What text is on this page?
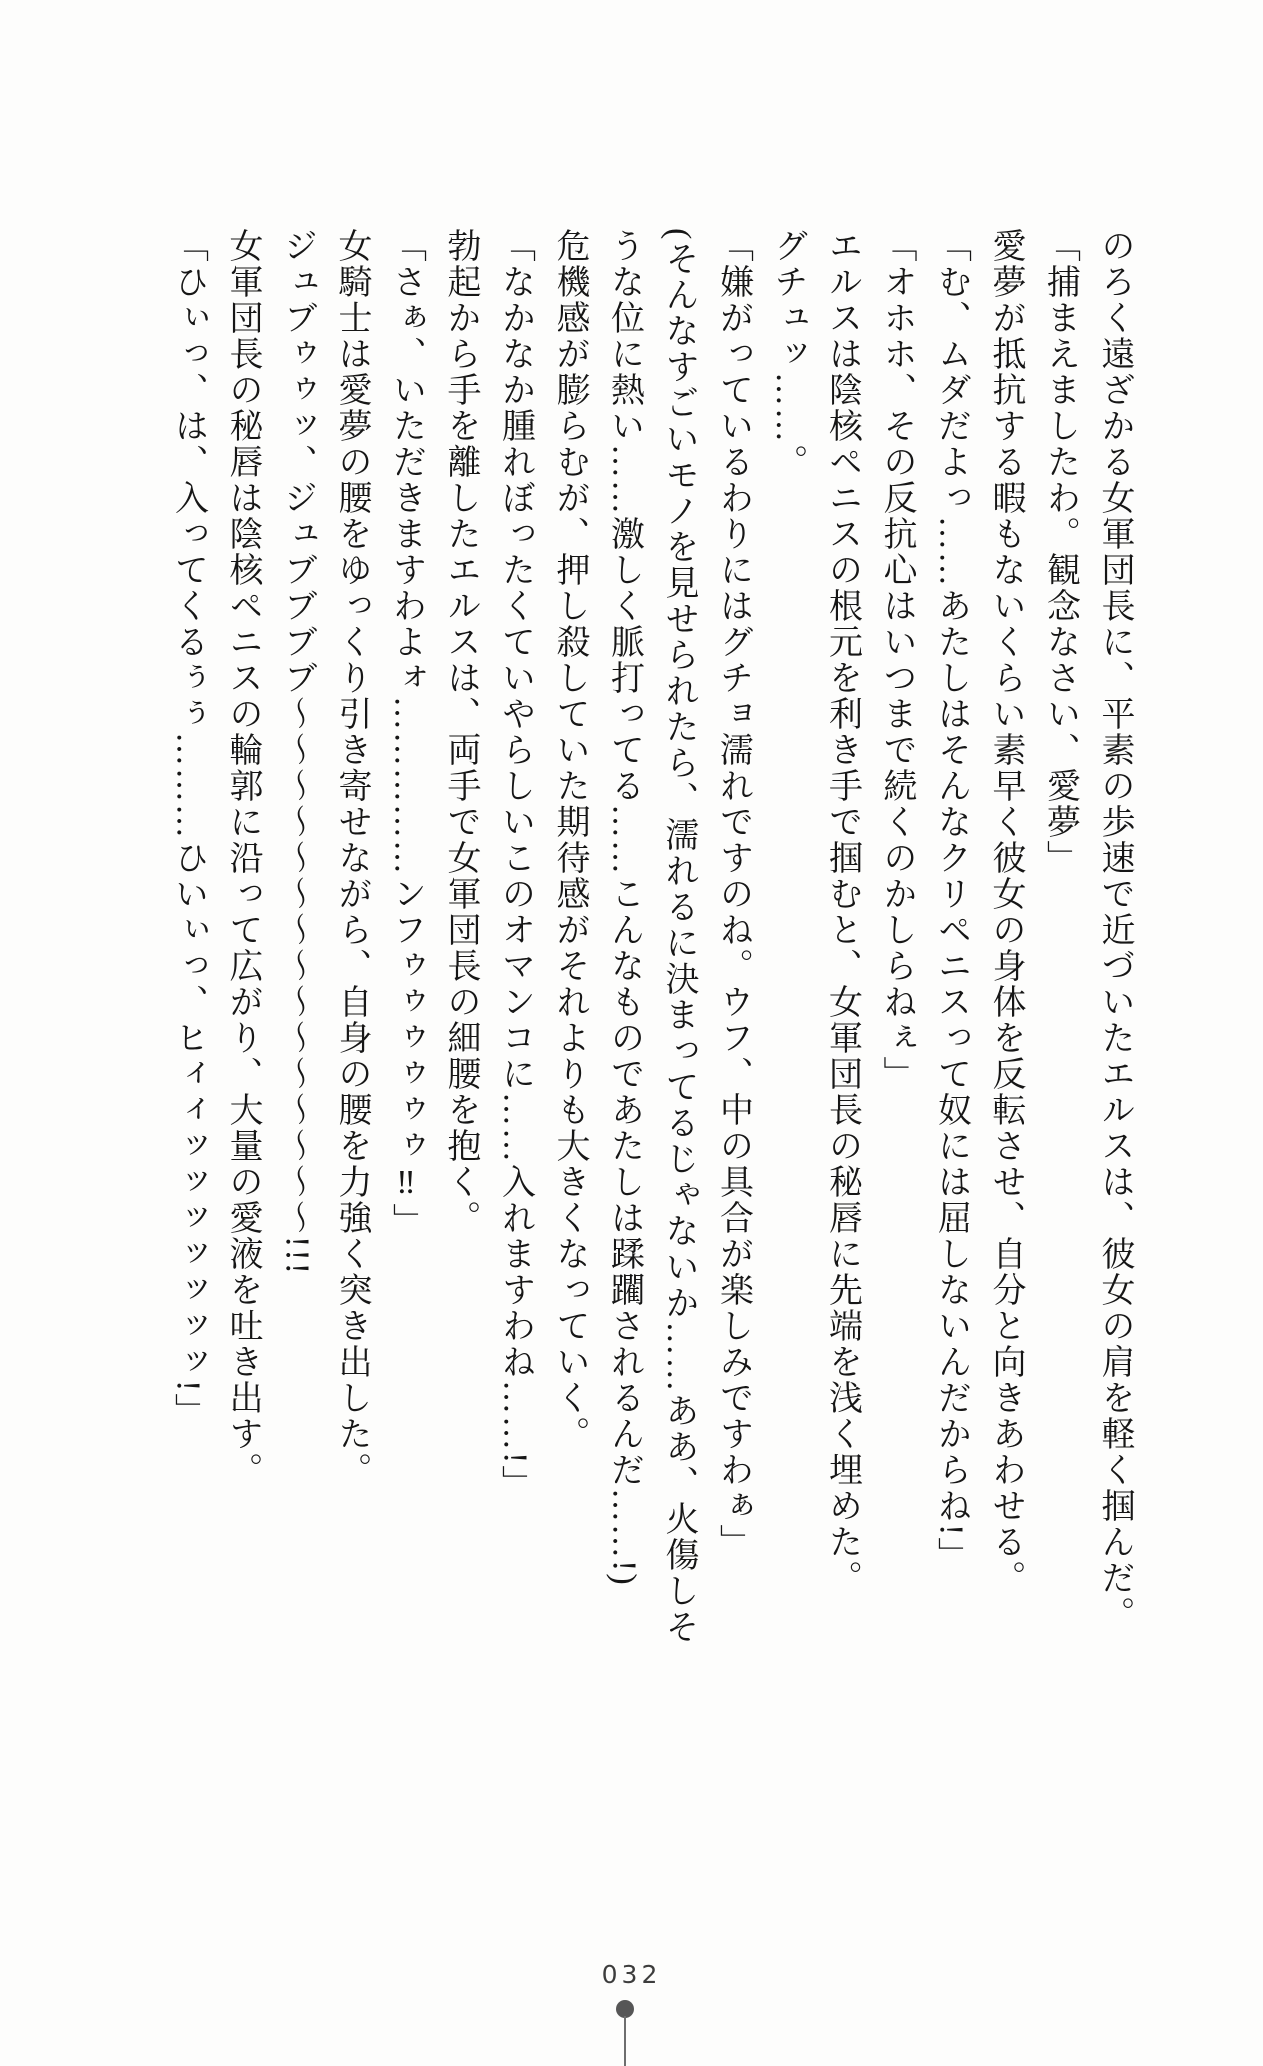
のろく遠ざかる女軍団長に、平素の歩速で近づいたエルスは、彼女の肩を軽く掴んだ。

「捕まえましたわ。観念なさい、愛夢」

愛夢が抵抗する暇もないくらい素早く彼女の身体を反転させ、自分と向きあわせる。

「む、ムダだよっ……あたしはそんなクリペニスって奴には屈しないんだからね!」

「オホホ、その反抗心はいつまで続くのかしらねぇ」

エルスは陰核ペニスの根元を利き手で掴むと、女軍団長の秘唇に先端を浅く埋めた。

グチュッ……。

「嫌がっているわりにはグチョ濡れですのね。ウフ、中の具合が楽しみですわぁ」

(そんなすごいモノを見せられたら、濡れるに決まってるじゃないか……ああ、火傷しそ

うな位に熱い……激しく脈打ってる……こんなものであたしは蹂躙されるんだ……!)

危機感が膨らむが、押し殺していた期待感がそれよりも大きくなっていく。

「なかなか腫れぼったくていやらしいこのオマンコに……入れますわね……!」

勃起から手を離したエルスは、両手で女軍団長の細腰を抱く。

「さぁ、いただきますわよォ……………ンフゥゥゥゥゥゥ‼」

女騎士は愛夢の腰をゆっくり引き寄せながら、自身の腰を力強く突き出した。

ジュブゥゥッ、ジュブブブブ〜〜〜〜〜〜〜〜〜〜〜〜〜〜〜!!!

女軍団長の秘唇は陰核ペニスの輪郭に沿って広がり、大量の愛液を吐き出す。

「ひぃっ、は、入ってくるぅぅ………ひいぃっ、ヒィィッッッッッッッ!」

032
